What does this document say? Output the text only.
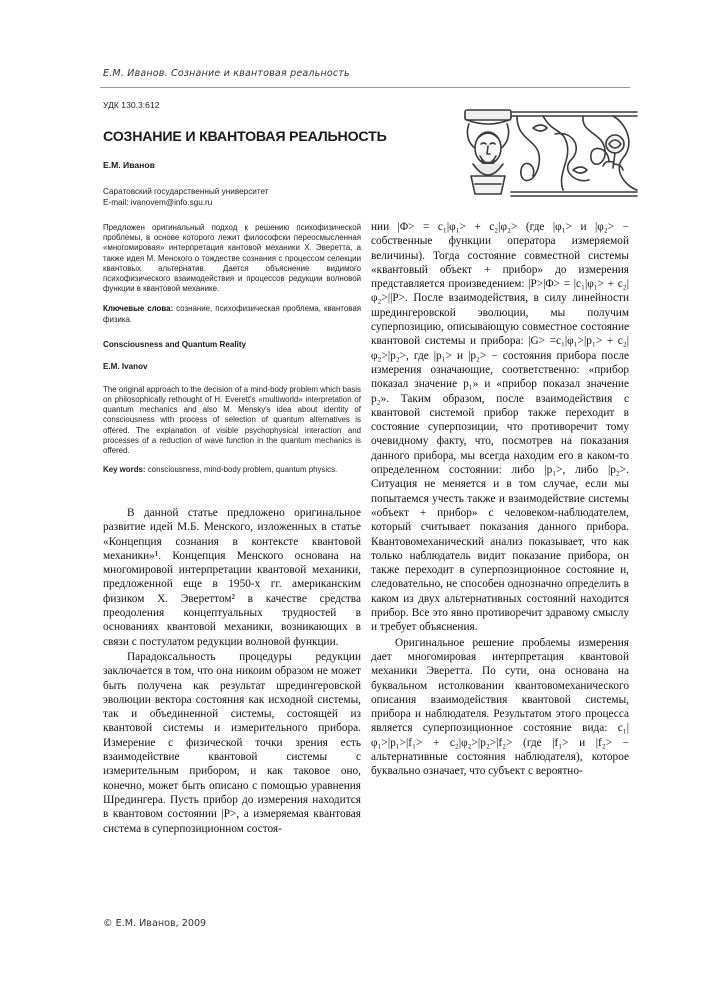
Е.М. Иванов. Сознание и квантовая реальность
УДК 130.3:612
СОЗНАНИЕ И КВАНТОВАЯ РЕАЛЬНОСТЬ
Е.М. Иванов
Саратовский государственный университет
E-mail: ivanovem@info.sgu.ru
Предложен оригинальный подход к решению психофизической проблемы, в основе которого лежит философски переосмысленная «многомировая» интерпретация кантовой механики Х. Эверетта, а также идея М. Менского о тождестве сознания с процессом селекции квантовых альтернатив. Дается объяснение видимого психофизического взаимодействия и процессов редукции волновой функции в квантовой механике.
Ключевые слова: сознание, психофизическая проблема, квантовая физика.
Consciousness and Quantum Reality
E.M. Ivanov
The original approach to the decision of a mind-body problem which basis on philosophically rethought of H. Everett's «multiworld» interpretation of quantum mechanics and also M. Mensky's idea about identity of consciousness with process of selection of quantum alternatives is offered. The explanation of visible psychophysical interaction and processes of a reduction of wave function in the quantum mechanics is offered.
Key words: consciousness, mind-body problem, quantum physics.

В данной статье предложено оригинальное развитие идей М.Б. Менского, изложенных в статье «Концепция сознания в контексте квантовой механики»¹. Концепция Менского основана на многомировой интерпретации квантовой механики, предложенной еще в 1950-х гг. американским физиком Х. Эвереттом² в качестве средства преодоления концептуальных трудностей в основаниях квантовой механики, возникающих в связи с постулатом редукции волновой функции.

Парадоксальность процедуры редукции заключается в том, что она никоим образом не может быть получена как результат шредингеровской эволюции вектора состояния как исходной системы, так и объединенной системы, состоящей из квантовой системы и измерительного прибора. Измерение с физической точки зрения есть взаимодействие квантовой системы с измерительным прибором, и как таковое оно, конечно, может быть описано с помощью уравнения Шредингера. Пусть прибор до измерения находится в квантовом состоянии |P>, а измеряемая квантовая система в суперпозиционном состоя-

нии |Φ> = c₁|φ₁> + c₂|φ₂> (где |φ₁> и |φ₂> − собственные функции оператора измеряемой величины). Тогда состояние совместной системы «квантовый объект + прибор» до измерения представляется произведением: |P>|Φ> = |c₁|φ₁> + c₂|φ₂>||P>. После взаимодействия, в силу линейности шредингеровской эволюции, мы получим суперпозицию, описывающую совместное состояние квантовой системы и прибора: |G> =c₁|φ₁>|p₁> + c₂|φ₂>|p₂>, где |p₁> и |p₂> − состояния прибора после измерения означающие, соответственно: «прибор показал значение p₁» и «прибор показал значение p₂». Таким образом, после взаимодействия с квантовой системой прибор также переходит в состояние суперпозиции, что противоречит тому очевидному факту, что, посмотрев на показания данного прибора, мы всегда находим его в каком-то определенном состоянии: либо |p₁>, либо |p₂>. Ситуация не меняется и в том случае, если мы попытаемся учесть также и взаимодействие системы «объект + прибор» с человеком-наблюдателем, который считывает показания данного прибора. Квантовомеханический анализ показывает, что как только наблюдатель видит показание прибора, он также переходит в суперпозиционное состояние и, следовательно, не способен однозначно определить в каком из двух альтернативных состояний находится прибор. Все это явно противоречит здравому смыслу и требует объяснения.

Оригинальное решение проблемы измерения дает многомировая интерпретация квантовой механики Эверетта. По сути, она основана на буквальном истолковании квантовомеханического описания взаимодействия квантовой системы, прибора и наблюдателя. Результатом этого процесса является суперпозиционное состояние вида: c₁|φ₁>|p₁>|f₁> + c₂|φ₂>|p₂>|f₂> (где |f₁> и |f₂> − альтернативные состояния наблюдателя), которое буквально означает, что субъект с вероятно-

© Е.М. Иванов, 2009
